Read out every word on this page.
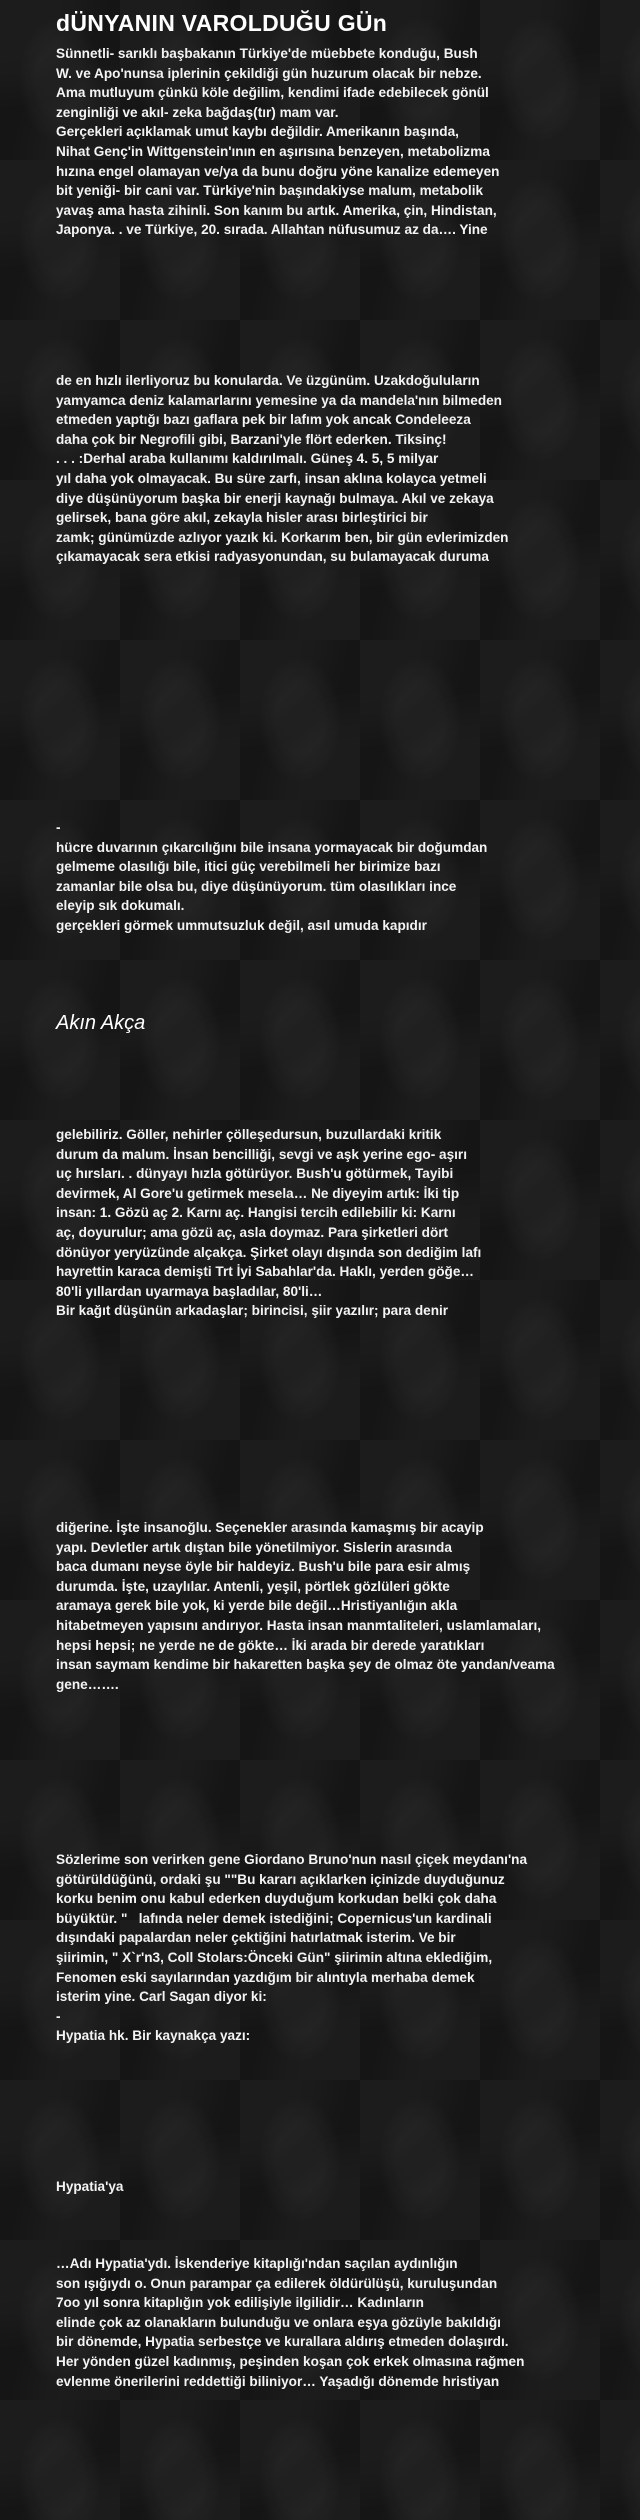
dÜNYANIN VAROLDUĞU GÜn
Sünnetli- sarıklı başbakanın Türkiye'de müebbete konduğu, Bush
W. ve Apo'nunsa iplerinin çekildiği gün huzurum olacak bir nebze.
Ama mutluyum çünkü köle değilim, kendimi ifade edebilecek gönül
zenginliği ve akıl- zeka bağdaş(tır) mam var.
Gerçekleri açıklamak umut kaybı değildir. Amerikanın başında,
Nihat Genç'in Wittgenstein'ının en aşırısına benzeyen, metabolizma
hızına engel olamayan ve/ya da bunu doğru yöne kanalize edemeyen
bit yeniği- bir cani var. Türkiye'nin başındakiyse malum, metabolik
yavaş ama hasta zihinli. Son kanım bu artık. Amerika, çin, Hindistan,
Japonya. . ve Türkiye, 20. sırada. Allahtan nüfusumuz az da…. Yine
de en hızlı ilerliyoruz bu konularda. Ve üzgünüm. Uzakdoğuluların
yamyamca deniz kalamarlarını yemesine ya da mandela'nın bilmeden
etmeden yaptığı bazı gaflara pek bir lafım yok ancak Condeleeza
daha çok bir Negrofili gibi, Barzani'yle flört ederken. Tiksinç!
. . . :Derhal araba kullanımı kaldırılmalı. Güneş 4. 5, 5 milyar
yıl daha yok olmayacak. Bu süre zarfı, insan aklına kolayca yetmeli
diye düşünüyorum başka bir enerji kaynağı bulmaya. Akıl ve zekaya
gelirsek, bana göre akıl, zekayla hisler arası birleştirici bir
zamk; günümüzde azlıyor yazık ki. Korkarım ben, bir gün evlerimizden
çıkamayacak sera etkisi radyasyonundan, su bulamayacak duruma
-
hücre duvarının çıkarcılığını bile insana yormayacak bir doğumdan
gelmeme olasılığı bile, itici güç verebilmeli her birimize bazı
zamanlar bile olsa bu, diye düşünüyorum. tüm olasılıkları ince
eleyip sık dokumalı.
gerçekleri görmek ummutsuzluk değil, asıl umuda kapıdır
Akın Akça
gelebiliriz. Göller, nehirler çölleşedursun, buzullardaki kritik
durum da malum. İnsan bencilliği, sevgi ve aşk yerine ego- aşırı
uç hırsları. . dünyayı hızla götürüyor. Bush'u götürmek, Tayibi
devirmek, Al Gore'u getirmek mesela… Ne diyeyim artık: İki tip
insan: 1. Gözü aç 2. Karnı aç. Hangisi tercih edilebilir ki: Karnı
aç, doyurulur; ama gözü aç, asla doymaz. Para şirketleri dört
dönüyor yeryüzünde alçakça. Şirket olayı dışında son dediğim lafı
hayrettin karaca demişti Trt İyi Sabahlar'da. Haklı, yerden göğe…
80'li yıllardan uyarmaya başladılar, 80'li…
Bir kağıt düşünün arkadaşlar; birincisi, şiir yazılır; para denir
diğerine. İşte insanoğlu. Seçenekler arasında kamaşmış bir acayip
yapı. Devletler artık dıştan bile yönetilmiyor. Sislerin arasında
baca dumanı neyse öyle bir haldeyiz. Bush'u bile para esir almış
durumda. İşte, uzaylılar. Antenli, yeşil, pörtlek gözlüleri gökte
aramaya gerek bile yok, ki yerde bile değil…Hristiyanlığın akla
hitabetmeyen yapısını andırıyor. Hasta insan manmtaliteleri, uslamlamaları,
hepsi hepsi; ne yerde ne de gökte… İki arada bir derede yaratıkları
insan saymam kendime bir hakaretten başka şey de olmaz öte yandan/veama
gene…….
Sözlerime son verirken gene Giordano Bruno'nun nasıl çiçek meydanı'na
götürüldüğünü, ordaki şu ""Bu kararı açıklarken içinizde duyduğunuz
korku benim onu kabul ederken duyduğum korkudan belki çok daha
büyüktür. "   lafında neler demek istediğini; Copernicus'un kardinali
dışındaki papalardan neler çektiğini hatırlatmak isterim. Ve bir
şiirimin, " X`r'n3, Coll Stolars:Önceki Gün" şiirimin altına eklediğim,
Fenomen eski sayılarından yazdığım bir alıntıyla merhaba demek
isterim yine. Carl Sagan diyor ki:
-
Hypatia hk. Bir kaynakça yazı:
Hypatia'ya
…Adı Hypatia'ydı. İskenderiye kitaplığı'ndan saçılan aydınlığın
son ışığıydı o. Onun parampar ça edilerek öldürülüşü, kuruluşundan
7oo yıl sonra kitaplığın yok edilişiyle ilgilidir… Kadınların
elinde çok az olanakların bulunduğu ve onlara eşya gözüyle bakıldığı
bir dönemde, Hypatia serbestçe ve kurallara aldırış etmeden dolaşırdı.
Her yönden güzel kadınmış, peşinden koşan çok erkek olmasına rağmen
evlenme önerilerini reddettiği biliniyor… Yaşadığı dönemde hristiyan
